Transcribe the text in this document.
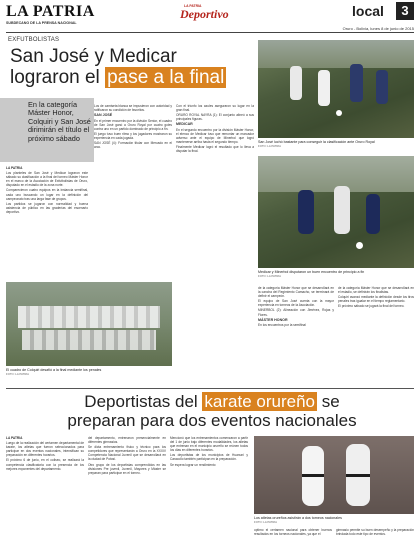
LA PATRIA
SUBDECANO DE LA PRENSA NACIONAL
LA PATRIA
Deportivo	local	3
Oruro - Bolivia, lunes 8 de junio de 2015
EXFUTBOLISTAS
San José y Medicar
lograron el pase a la final
En la categoría Máster Honor, Colquiri y San José dirimirán el título el próximo sábado

LA PATRIA

Los planteles de San José y Medicar lograron este sábado su clasificación a la final del torneo Máster Honor en el marco de la Asociación de Exfutbolistas de Oruro, disputado en el estadio de la zona norte.

Comparecieron cuatro equipos en la instancia semifinal, cada uno buscando un lugar en la definición del campeonato tras una larga fase de grupos.

Los partidos se jugaron con normalidad y buena asistencia de público en las graderías del escenario deportivo.

Los de camiseta blanca se impusieron con autoridad y ratificaron su condición de favoritos.

SAN JOSÉ

En el primer encuentro por la división Senior, el cuadro de San José ganó a Oruro Royal por cuatro goles contra uno en un partido dominado de principio a fin.

El juego tuvo buen ritmo y los jugadores mostraron su experiencia en cada jugada.

SAN JOSÉ (4): Formación titular con Mercado en el arco.

Con el triunfo los azules aseguraron su lugar en la gran final.

ORURO ROYAL NAYRA (1): El conjunto alineó a sus principales figuras.

MEDICAR

En el segundo encuentro por la división Máster Honor, el elenco de Medicar tuvo que remontar un marcador adverso ante el equipo de Minerbol que logró mantenerse arriba hasta el segundo tiempo.

Finalmente Medicar logró el resultado que lo lleva a disputar la final.

San José luchó bastante para conseguir la clasificación ante Oruro Royal
FOTO: LA PATRIA
El cuadro de Colquiri desafió a la final mediante los penales
FOTO: LA PATRIA
Medicar y Minerbol disputaron un buen encuentro de principio a fin
FOTO: LA PATRIA

de la categoría Máster Honor que se desarrollará en la cancha del Regimiento Camacho, se terminará de definir el campeón.

El equipo de San José cuenta con la mayor experiencia en torneos de la Asociación.

MINERBOL (2): Alineación con Jiménez, Rojas y Flores.

MÁSTER HONOR

En los encuentros por la semifinal

de la categoría Máster Honor que se desarrollará en el estadio, se definirán los finalistas.

Colquiri avanzó mediante la definición desde los tiros penales tras igualar en el tiempo reglamentario.

El próximo sábado se jugará la final del torneo.

Deportistas del karate orureño se
preparan para dos eventos nacionales

LA PATRIA

Luego de la realización del certamen departamental de karate, los atletas que fueron seleccionados para participar en dos eventos nacionales, intensifican su preparación en diferentes horarios.

El próximo 6 de junio, en el coliseo, se realizará la competencia clasificatoria con la presencia de los mejores exponentes del departamento.

del departamento, entrenaron presencialmente en diferentes gimnasios.

Se dicta entrenamiento físico y técnico para los competidores que representarán a Oruro en la XXXIV Competencia Nacional Juvenil que se desarrollará en la ciudad de Potosí.

Otro grupo de los deportistas comprendidos en las divisiones Pre juvenil, Juvenil, Mayores y Máster se preparan para participar en el torneo.

Mencionó que los entrenamientos comenzaron a partir del 1 de junio bajo diferentes modalidades, los atletas que entrenan en el municipio orureño se reúnen todos los días en diferentes horarios.

Los deportistas de los municipios de Huanuni y Caracollo también participan en la preparación.

Se espera lograr un rendimiento

Los atletas orureños asistirán a dos torneos nacionales
FOTO: LA PATRIA

optimo el certamen nacional para obtener buenos resultados en los torneos nacionales, ya que el

gimnasio permite su buen desempeño y la preparación brindada todo este tipo de eventos.
